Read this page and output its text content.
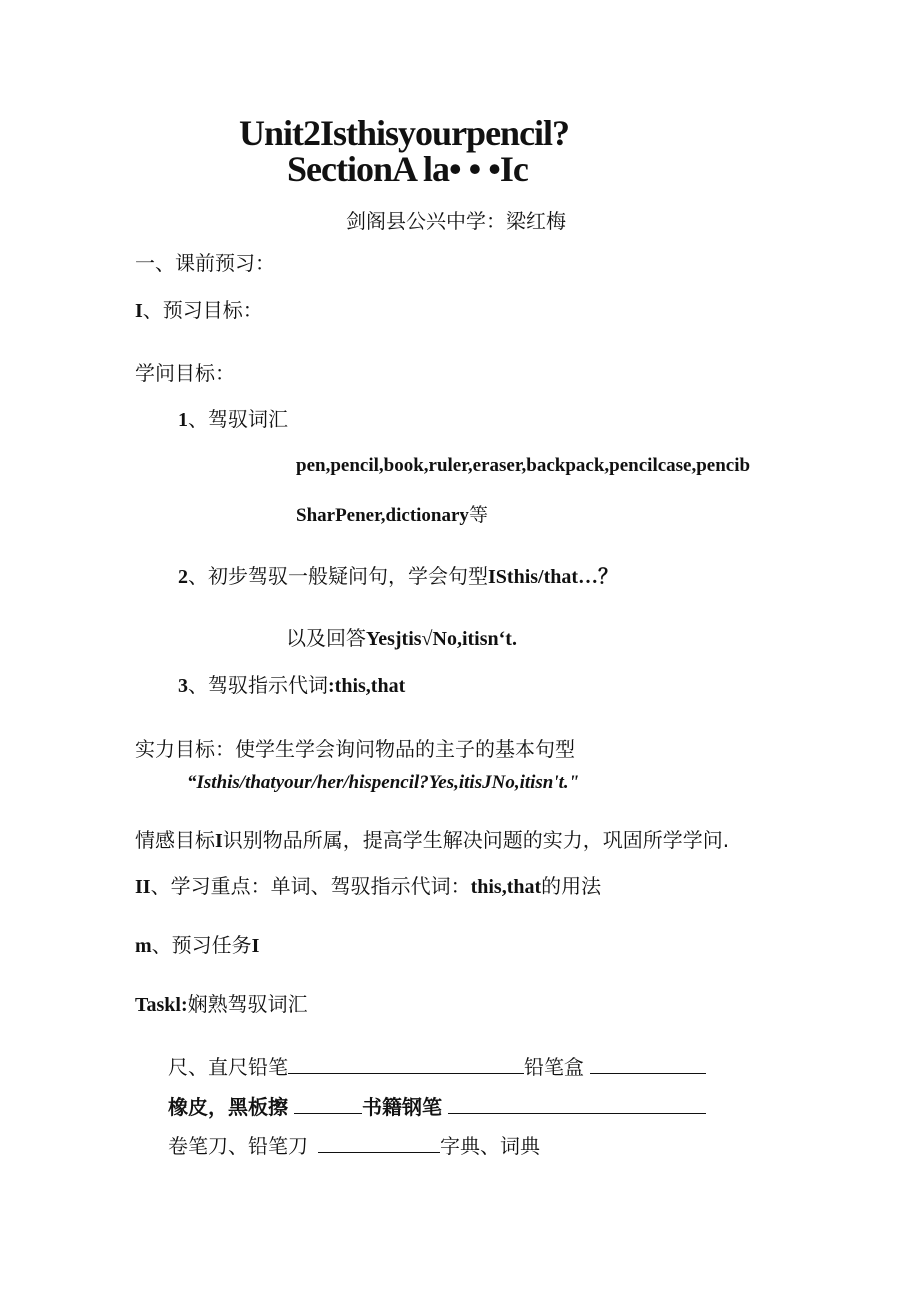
Unit2Isthisyourpencil?
SectionA la• • •Ic
剑阁县公兴中学：梁红梅
一、课前预习：
I、预习目标：
学问目标：
1、驾驭词汇
pen,pencil,book,ruler,eraser,backpack,pencilcase,pencib
SharPener,dictionary等
2、初步驾驭一般疑问句，学会句型IStһis/that…？
以及回答Yesjtis√No,itisnʻt.
3、驾驭指示代词:this,that
实力目标：使学生学会询问物品的主子的基本句型
“Isthis/thatyour/her/hispencil?Yes,itisJNo,itisn't."
情感目标I识别物品所属，提高学生解决问题的实力，巩固所学学问.
II、学习重点：单词、驾驭指示代词：this,that的用法
m、预习任务I
Taskl:娴熟驾驭词汇
尺、直尺铅笔	铅笔盒
橡皮，黑板擦	书籍钢笔
卷笔刀、铅笔刀	字典、词典
